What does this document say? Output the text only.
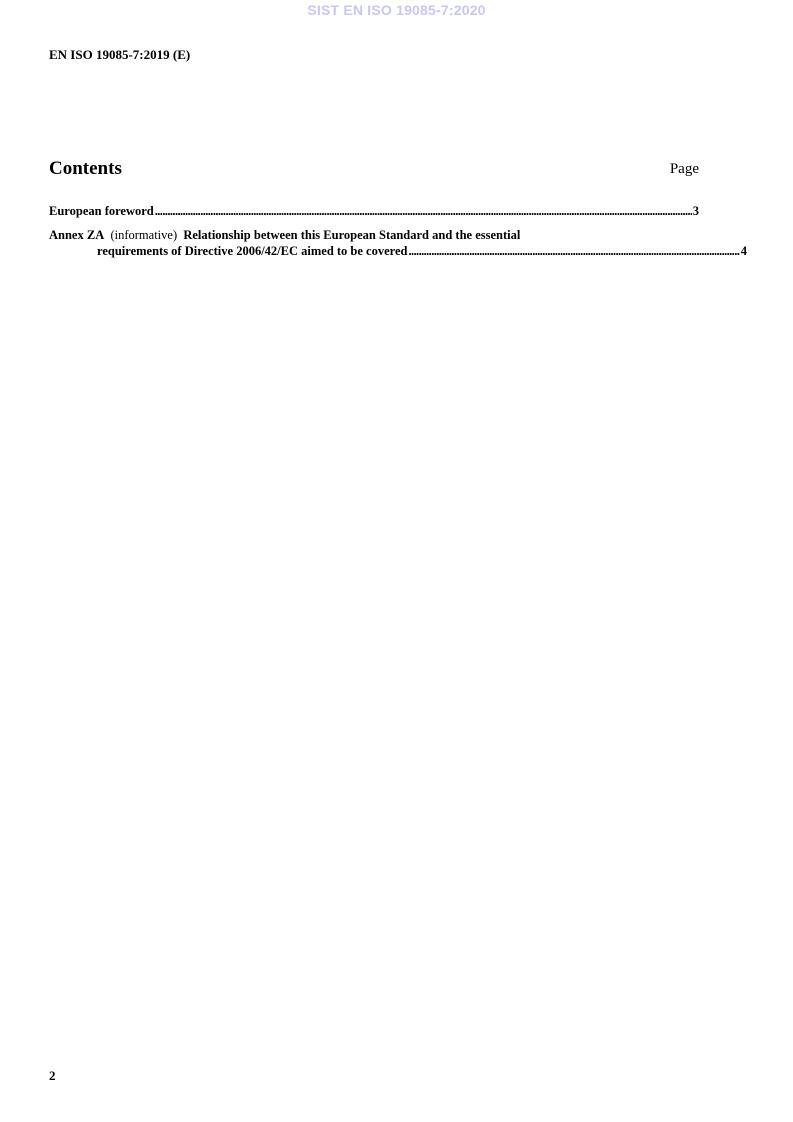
SIST EN ISO 19085-7:2020
EN ISO 19085-7:2019 (E)
Contents	Page
European foreword .....	3
Annex ZA (informative) Relationship between this European Standard and the essential
requirements of Directive 2006/42/EC aimed to be covered .....	4
2
